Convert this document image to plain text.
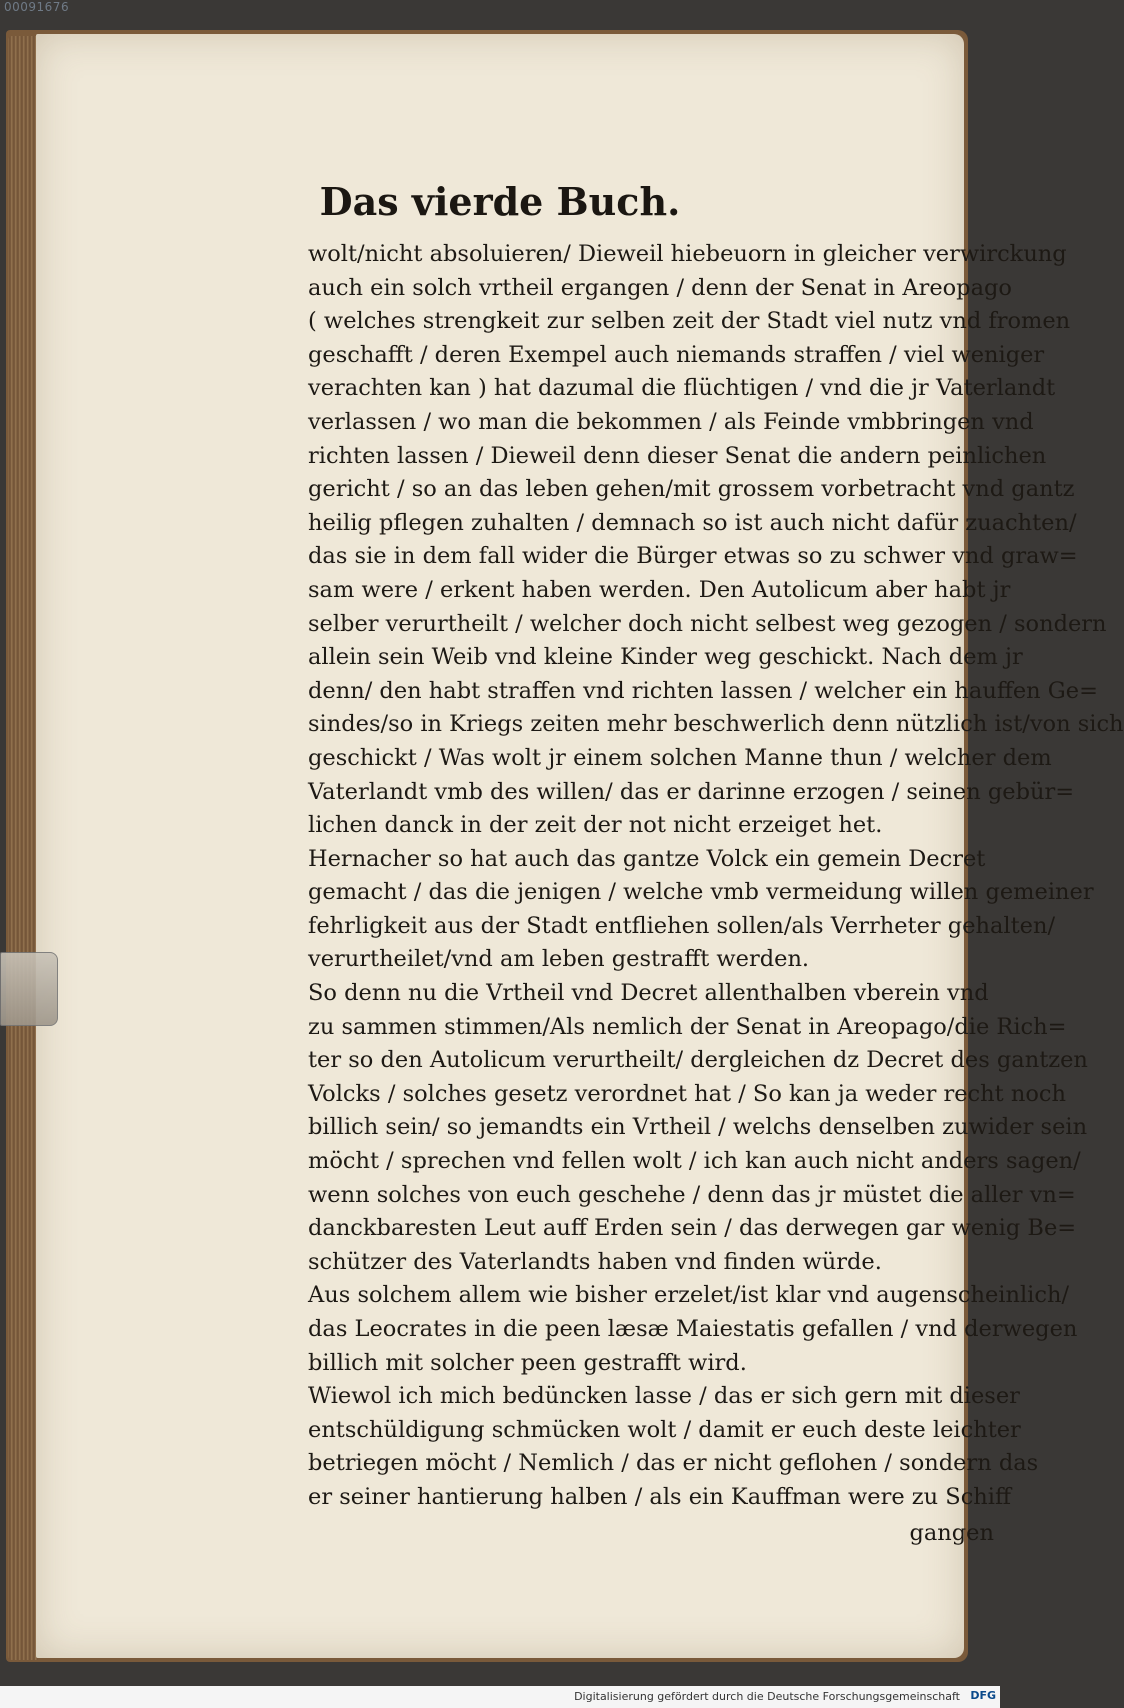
00091676
Das vierde Buch.
wolt/nicht absoluieren/ Dieweil hiebeuorn in gleicher verwirckung
auch ein solch vrtheil ergangen / denn der Senat in Areopago
( welches strengkeit zur selben zeit der Stadt viel nutz vnd fromen
geschafft / deren Exempel auch niemands straffen / viel weniger
verachten kan ) hat dazumal die flüchtigen / vnd die jr Vaterlandt
verlassen / wo man die bekommen / als Feinde vmbbringen vnd
richten lassen / Dieweil denn dieser Senat die andern peinlichen
gericht / so an das leben gehen/mit grossem vorbetracht vnd gantz
heilig pflegen zuhalten / demnach so ist auch nicht dafür zuachten/
das sie in dem fall wider die Bürger etwas so zu schwer vnd graw=
sam were / erkent haben werden. Den Autolicum aber habt jr
selber verurtheilt / welcher doch nicht selbest weg gezogen / sondern
allein sein Weib vnd kleine Kinder weg geschickt. Nach dem jr
denn/ den habt straffen vnd richten lassen / welcher ein hauffen Ge=
sindes/so in Kriegs zeiten mehr beschwerlich denn nützlich ist/von sich
geschickt / Was wolt jr einem solchen Manne thun / welcher dem
Vaterlandt vmb des willen/ das er darinne erzogen / seinen gebür=
lichen danck in der zeit der not nicht erzeiget het.
Hernacher so hat auch das gantze Volck ein gemein Decret
gemacht / das die jenigen / welche vmb vermeidung willen gemeiner
fehrligkeit aus der Stadt entfliehen sollen/als Verrheter gehalten/
verurtheilet/vnd am leben gestrafft werden.
So denn nu die Vrtheil vnd Decret allenthalben vberein vnd
zu sammen stimmen/Als nemlich der Senat in Areopago/die Rich=
ter so den Autolicum verurtheilt/ dergleichen dz Decret des gantzen
Volcks / solches gesetz verordnet hat / So kan ja weder recht noch
billich sein/ so jemandts ein Vrtheil / welchs denselben zuwider sein
möcht / sprechen vnd fellen wolt / ich kan auch nicht anders sagen/
wenn solches von euch geschehe / denn das jr müstet die aller vn=
danckbaresten Leut auff Erden sein / das derwegen gar wenig Be=
schützer des Vaterlandts haben vnd finden würde.
Aus solchem allem wie bisher erzelet/ist klar vnd augenscheinlich/
das Leocrates in die peen læsæ Maiestatis gefallen / vnd derwegen
billich mit solcher peen gestrafft wird.
Wiewol ich mich bedüncken lasse / das er sich gern mit dieser
entschüldigung schmücken wolt / damit er euch deste leichter
betriegen möcht / Nemlich / das er nicht geflohen / sondern das
er seiner hantierung halben / als ein Kauffman were zu Schiff
gangen
Digitalisierung gefördert durch die Deutsche Forschungsgemeinschaft DFG
